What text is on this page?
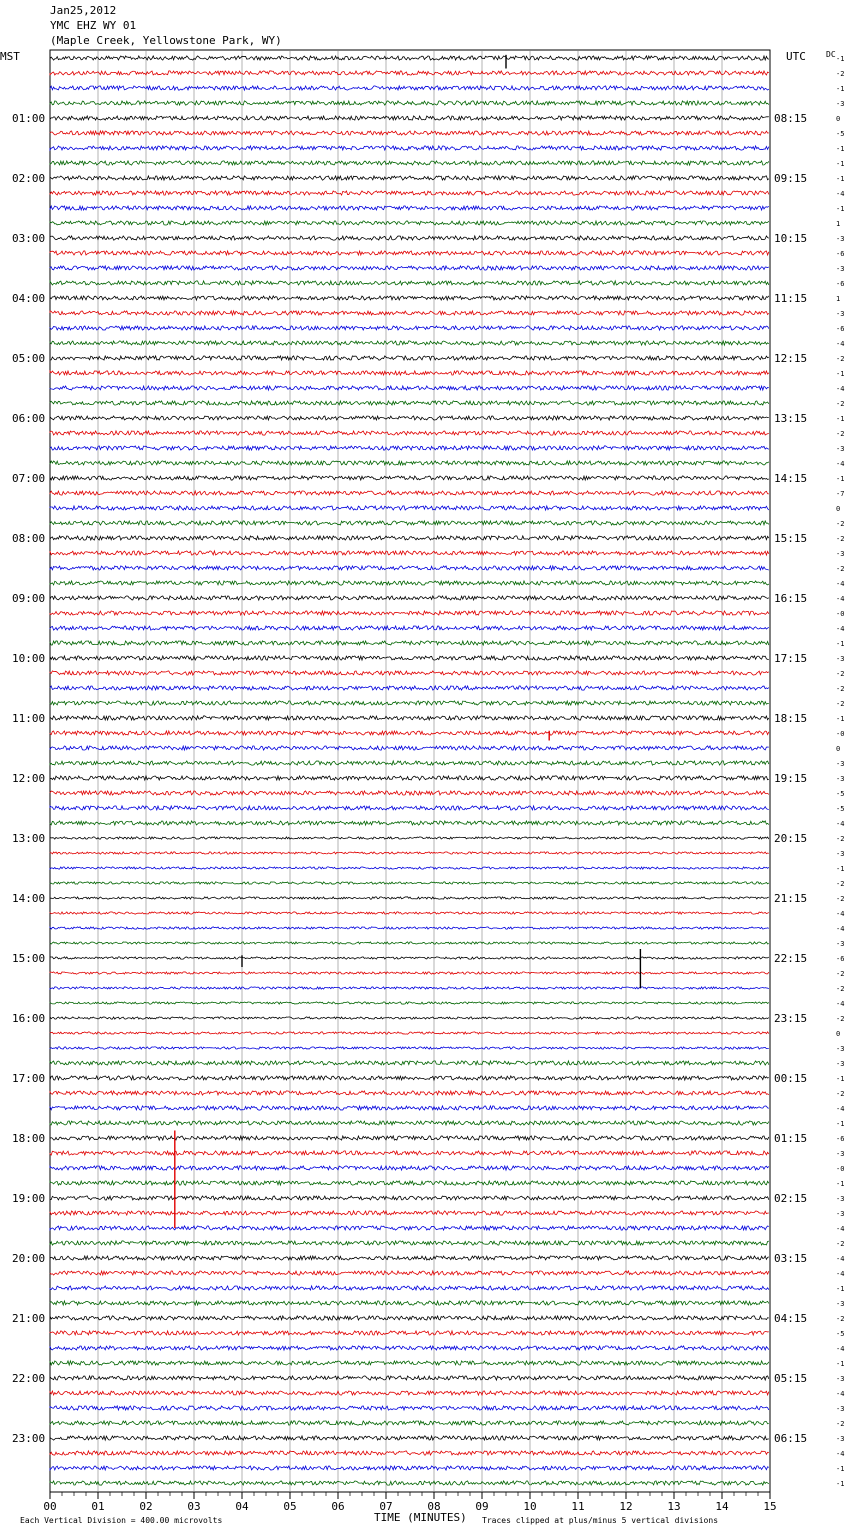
Jan25,2012
YMC EHZ WY 01
(Maple Creek, Yellowstone Park, WY)
MST	UTC	DC
Each Vertical Division = 400.00 microvolts	TIME (MINUTES) Traces clipped at plus/minus 5 vertical divisions
01:00
02:00
03:00
04:00
05:00
06:00
07:00
08:00
09:00
10:00
11:00
12:00
13:00
14:00
15:00
16:00
17:00
18:00
19:00
20:00
21:00
22:00
23:00
08:15
09:15
10:15
11:15
12:15
13:15
14:15
15:15
16:15
17:15
18:15
19:15
20:15
21:15
22:15
23:15
00:15
01:15
02:15
03:15
04:15
05:15
06:15
-1
-2
-1
-3
0
-5
-1
-1
-1
-4
-1
1
-3
-6
-3
-6
1
-3
-6
-4
-2
-1
-4
-2
-1
-2
-3
-4
-1
-7
0
-2
-2
-3
-2
-4
-4
-0
-4
-1
-3
-2
-2
-2
-1
-0
0
-3
-3
-5
-5
-4
-2
-3
-1
-2
-2
-4
-4
-3
-6
-2
-2
-4
-2
0
-3
-3
-1
-2
-4
-1
-6
-3
-0
-1
-3
-3
-4
-2
-4
-4
-1
-3
-2
-5
-4
-1
-3
-4
-3
-2
-3
-4
-1
-1
00	01	02	03	04	05	06	07	08	09	10	11	12	13	14	15
